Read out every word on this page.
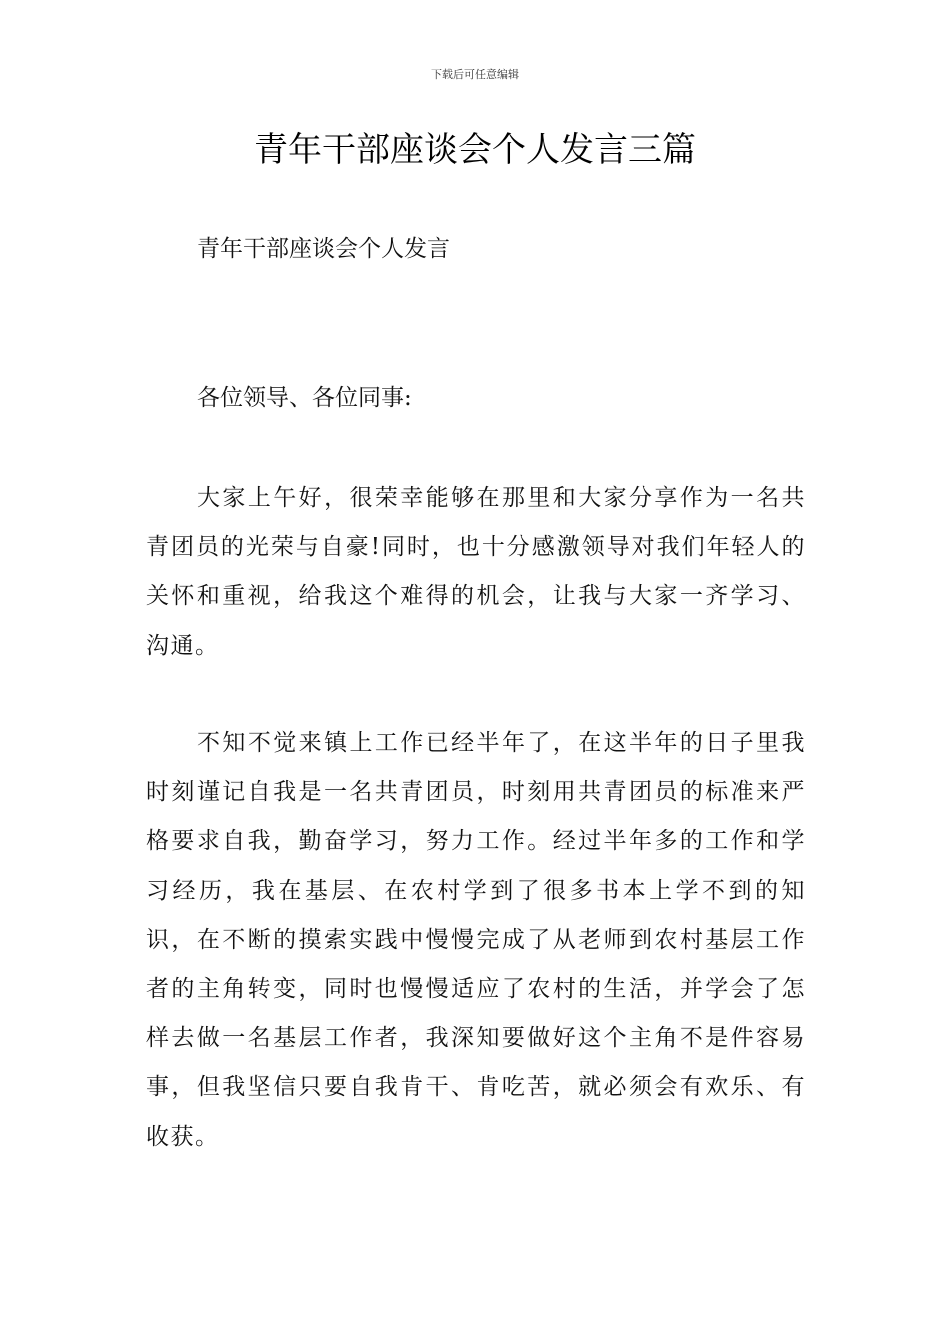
下载后可任意编辑
青年干部座谈会个人发言三篇
青年干部座谈会个人发言
各位领导、各位同事:

大家上午好，很荣幸能够在那里和大家分享作为一名共青团员的光荣与自豪!同时，也十分感激领导对我们年轻人的关怀和重视，给我这个难得的机会，让我与大家一齐学习、沟通。

不知不觉来镇上工作已经半年了，在这半年的日子里我时刻谨记自我是一名共青团员，时刻用共青团员的标准来严格要求自我，勤奋学习，努力工作。经过半年多的工作和学习经历，我在基层、在农村学到了很多书本上学不到的知识，在不断的摸索实践中慢慢完成了从老师到农村基层工作者的主角转变，同时也慢慢适应了农村的生活，并学会了怎样去做一名基层工作者，我深知要做好这个主角不是件容易事，但我坚信只要自我肯干、肯吃苦，就必须会有欢乐、有收获。
